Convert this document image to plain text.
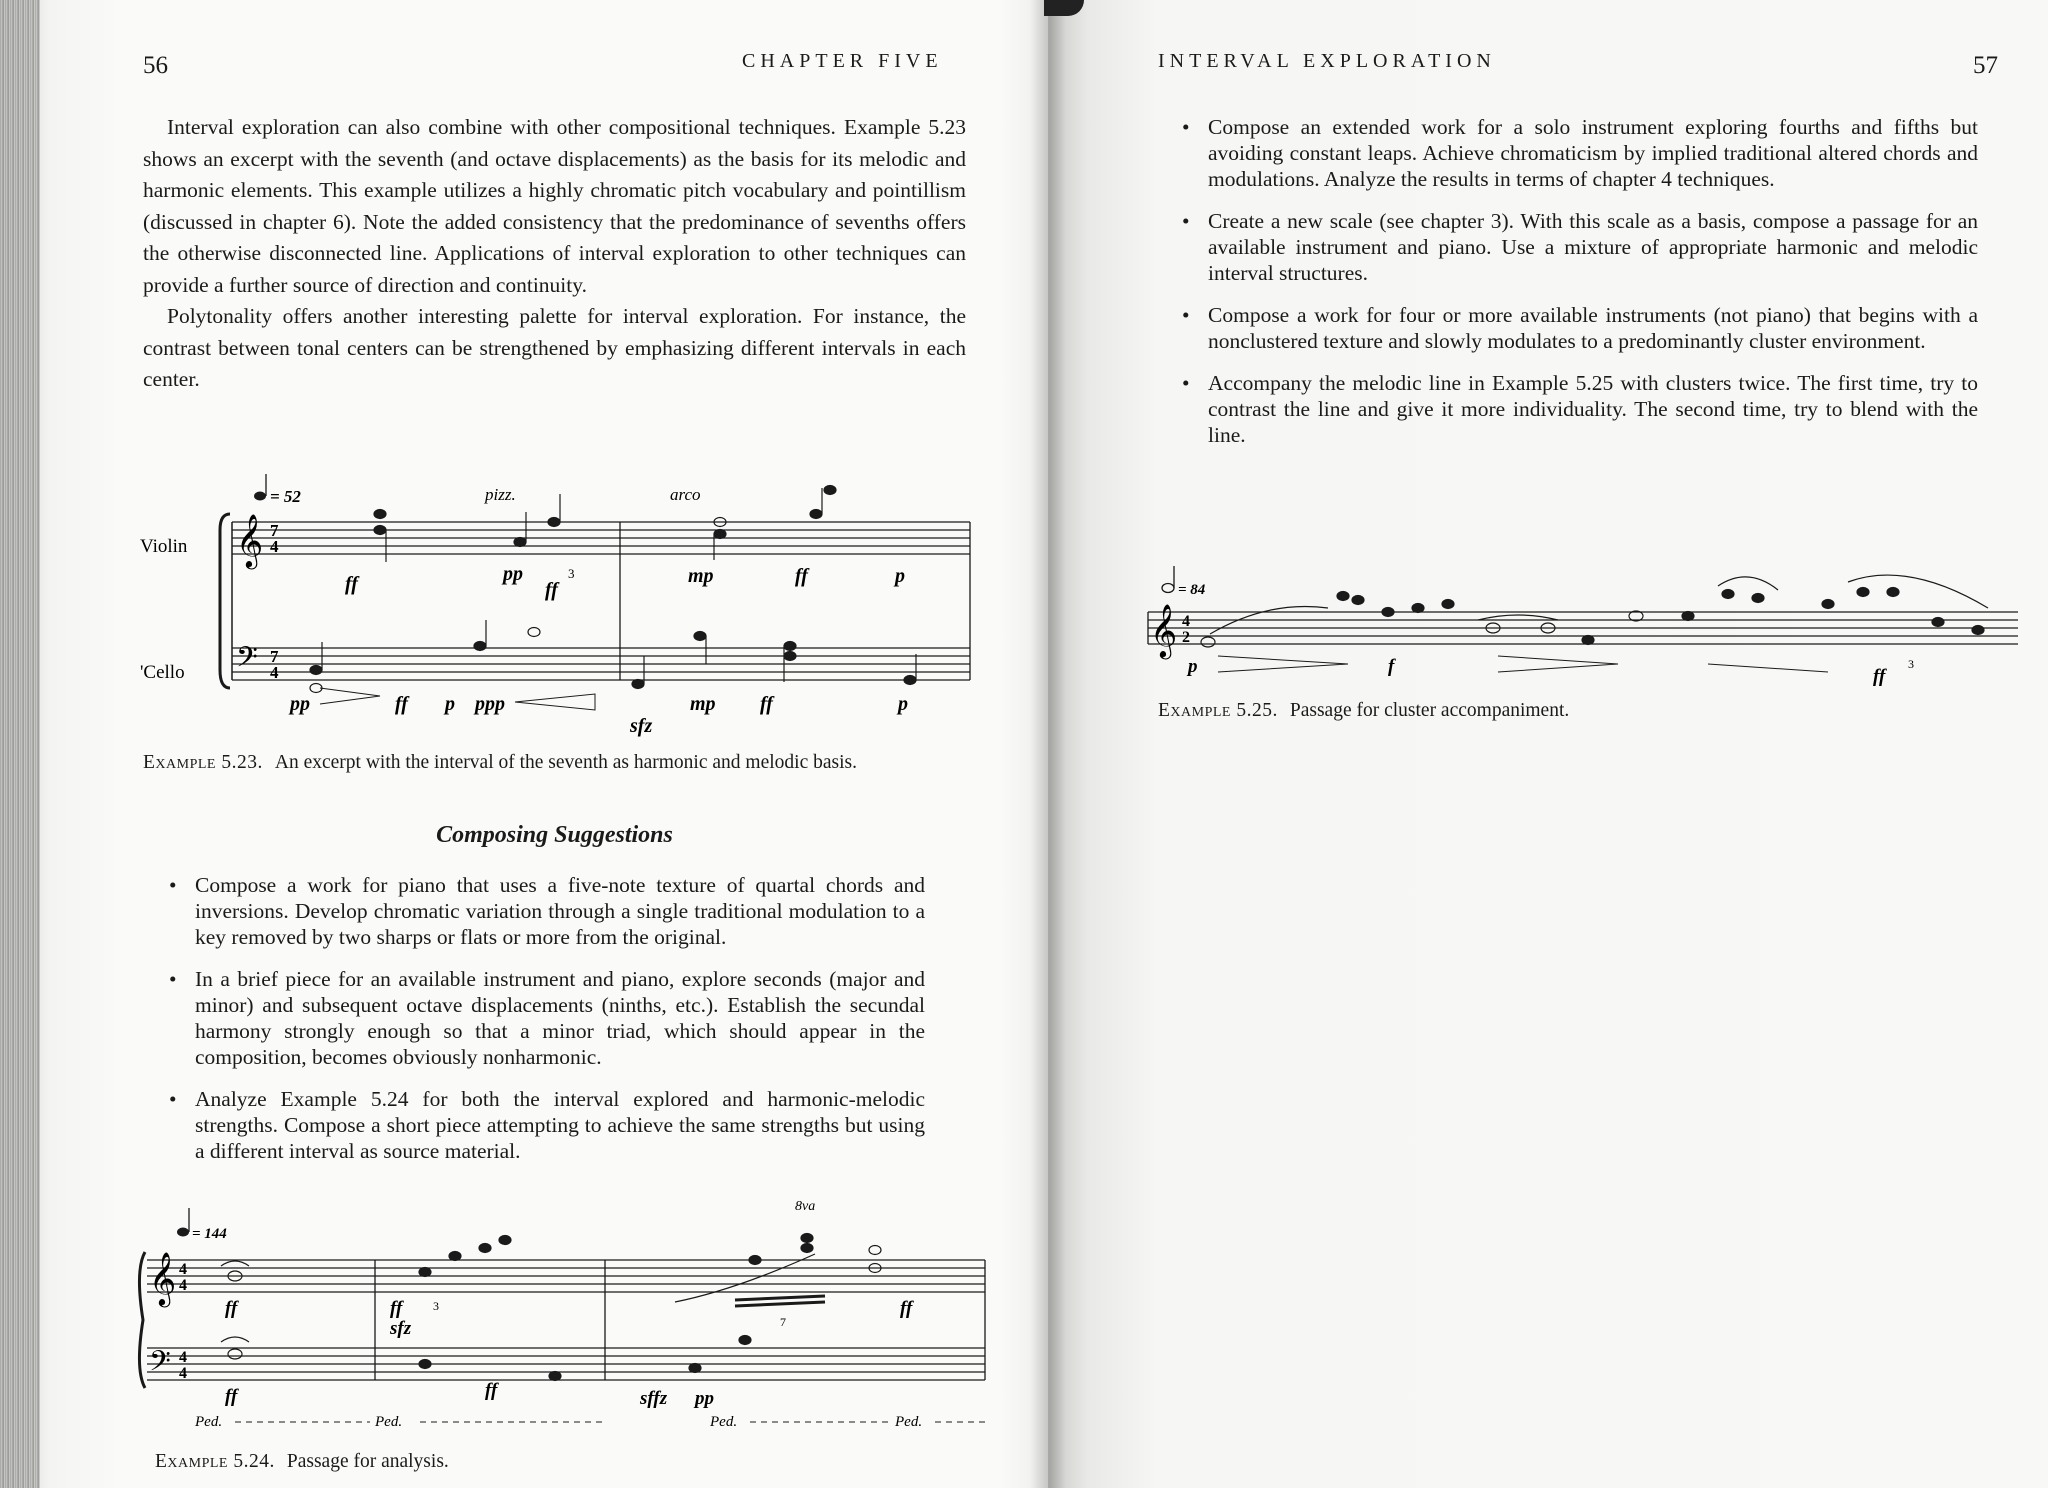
56	CHAPTER FIVE

Interval exploration can also combine with other compositional techniques. Example 5.23 shows an excerpt with the seventh (and octave displacements) as the basis for its melodic and harmonic elements. This example utilizes a highly chromatic pitch vocabulary and pointillism (discussed in chapter 6). Note the added consistency that the predominance of sevenths offers the otherwise disconnected line. Applications of interval exploration to other techniques can provide a further source of direction and continuity.

Polytonality offers another interesting palette for interval exploration. For instance, the contrast between tonal centers can be strengthened by emphasizing different intervals in each center.

Violin
'Cello
𝄞
𝄢
7
4
7
4
= 52	pizz.	arco
ff	pp
ff
mp	ff	p
pp	ff p ppp
sfz
mp ff	p
3
Example 5.23. An excerpt with the interval of the seventh as harmonic and melodic basis.
Composing Suggestions
• Compose a work for piano that uses a five-note texture of quartal chords and inversions. Develop chromatic variation through a single traditional modulation to a key removed by two sharps or flats or more from the original.
• In a brief piece for an available instrument and piano, explore seconds (major and minor) and subsequent octave displacements (ninths, etc.). Establish the secundal harmony strongly enough so that a minor triad, which should appear in the composition, becomes obviously nonharmonic.
• Analyze Example 5.24 for both the interval explored and harmonic-melodic strengths. Compose a short piece attempting to achieve the same strengths but using a different interval as source material.
𝄞
𝄢
4
4
4
4
= 144
ff	ff
ff
sfz
ff	sffz
ff
pp
8va
3
7
Ped.	Ped.	Ped.	Ped.
Example 5.24. Passage for analysis.
INTERVAL EXPLORATION	57
• Compose an extended work for a solo instrument exploring fourths and fifths but avoiding constant leaps. Achieve chromaticism by implied traditional altered chords and modulations. Analyze the results in terms of chapter 4 techniques.
• Create a new scale (see chapter 3). With this scale as a basis, compose a passage for an available instrument and piano. Use a mixture of appropriate harmonic and melodic interval structures.
• Compose a work for four or more available instruments (not piano) that begins with a nonclustered texture and slowly modulates to a predominantly cluster environment.
• Accompany the melodic line in Example 5.25 with clusters twice. The first time, try to contrast the line and give it more individuality. The second time, try to blend with the line.
𝄞 4
2
= 84
p	f	ff
3
Example 5.25. Passage for cluster accompaniment.
